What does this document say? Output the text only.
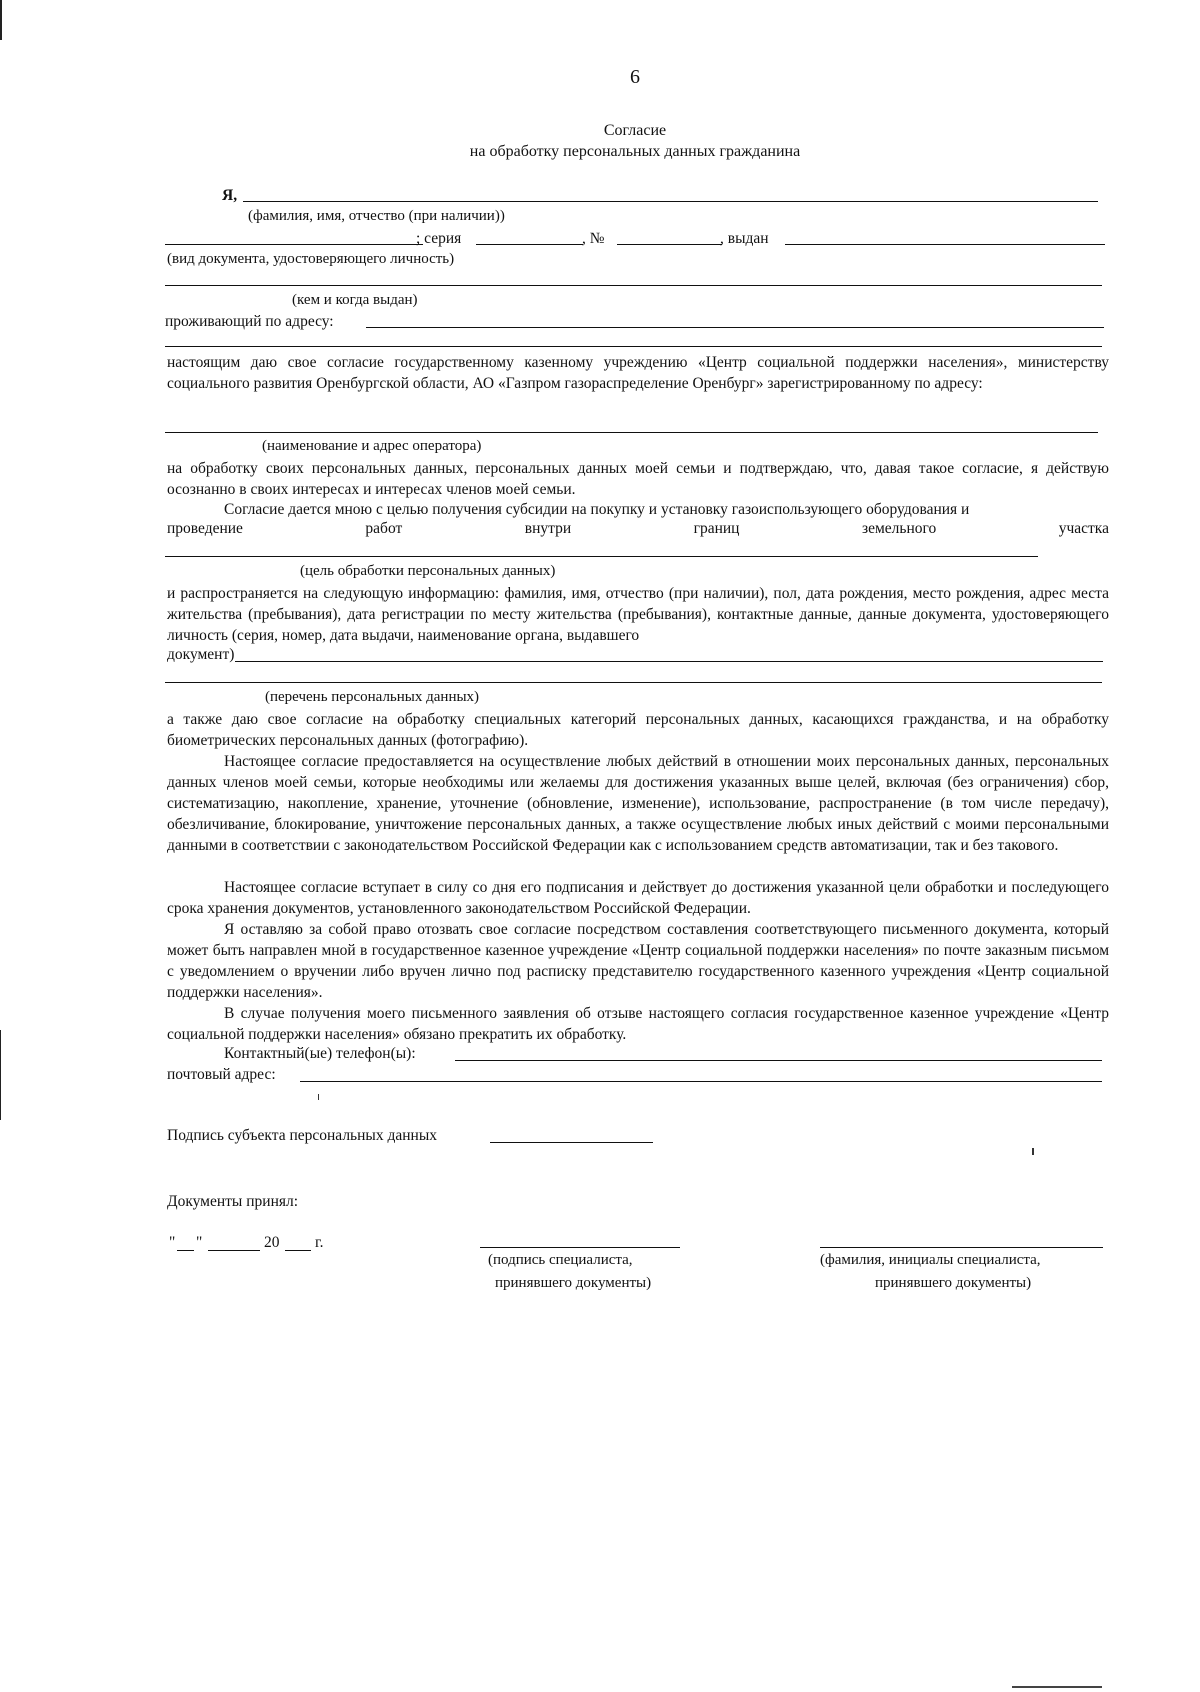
6
Согласие
на обработку персональных данных гражданина
Я,
(фамилия, имя, отчество (при наличии))
; серия	, №	, выдан
(вид документа, удостоверяющего личность)
(кем и когда выдан)
проживающий по адресу:
настоящим даю свое согласие государственному казенному учреждению «Центр социальной поддержки населения», министерству социального развития Оренбургской области, АО «Газпром газораспределение Оренбург» зарегистрированному по адресу:
(наименование и адрес оператора)
на обработку своих персональных данных, персональных данных моей семьи и подтверждаю, что, давая такое согласие, я действую осознанно в своих интересах и интересах членов моей семьи.
Согласие дается мною с целью получения субсидии на покупку и установку газоиспользующего оборудования и
проведение	работ	внутри	границ	земельного	участка
(цель обработки персональных данных)
и распространяется на следующую информацию: фамилия, имя, отчество (при наличии), пол, дата рождения, место рождения, адрес места жительства (пребывания), дата регистрации по месту жительства (пребывания), контактные данные, данные документа, удостоверяющего личность (серия, номер, дата выдачи, наименование органа, выдавшего
документ)
(перечень персональных данных)
а также даю свое согласие на обработку специальных категорий персональных данных, касающихся гражданства, и на обработку биометрических персональных данных (фотографию).
Настоящее согласие предоставляется на осуществление любых действий в отношении моих персональных данных, персональных данных членов моей семьи, которые необходимы или желаемы для достижения указанных выше целей, включая (без ограничения) сбор, систематизацию, накопление, хранение, уточнение (обновление, изменение), использование, распространение (в том числе передачу), обезличивание, блокирование, уничтожение персональных данных, а также осуществление любых иных действий с моими персональными данными в соответствии с законодательством Российской Федерации как с использованием средств автоматизации, так и без такового.
Настоящее согласие вступает в силу со дня его подписания и действует до достижения указанной цели обработки и последующего срока хранения документов, установленного законодательством Российской Федерации.
Я оставляю за собой право отозвать свое согласие посредством составления соответствующего письменного документа, который может быть направлен мной в государственное казенное учреждение «Центр социальной поддержки населения» по почте заказным письмом с уведомлением о вручении либо вручен лично под расписку представителю государственного казенного учреждения «Центр социальной поддержки населения».
В случае получения моего письменного заявления об отзыве настоящего согласия государственное казенное учреждение «Центр социальной поддержки населения» обязано прекратить их обработку.
Контактный(ые) телефон(ы):
почтовый адрес:
Подпись субъекта персональных данных
Документы принял:
" "	20 г.
(подпись специалиста,
принявшего документы)
(фамилия, инициалы специалиста,
принявшего документы)
